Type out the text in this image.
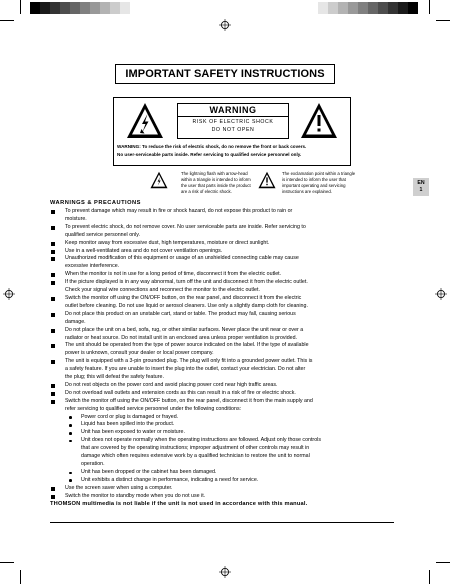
IMPORTANT SAFETY INSTRUCTIONS
WARNING
RISK OF ELECTRIC SHOCK
DO NOT OPEN
WARNING: To reduce the risk of electric shock, do no remove the front or back covers.
No user-serviceable parts inside. Refer servicing to qualified service personnel only.
The lightning flash with arrow-head
within a triangle is intended to inform
the user that parts inside the product
are a risk of electric shock.
The exclamation point within a triangle
is intended to inform the user that
important operating and servicing
instructions are explained.
EN
1
WARNINGS & PRECAUTIONS
To prevent damage which may result in fire or shock hazard, do not expose this product to rain or
moisture.
To prevent electric shock, do not remove cover. No user serviceable parts are inside. Refer servicing to
qualified service personnel only.
Keep monitor away from excessive dust, high temperatures, moisture or direct sunlight.
Use in a well-ventilated area and do not cover ventilation openings.
Unauthorized modification of this equipment or usage of an unshielded connecting cable may cause
excessive interference.
When the monitor is not in use for a long period of time, disconnect it from the electric outlet.
If the picture displayed is in any way abnormal, turn off the unit and disconnect it from the electric outlet.
Check your signal wire connections and reconnect the monitor to the electric outlet.
Switch the monitor off using the ON/OFF button, on the rear panel, and disconnect it from the electric
outlet before cleaning. Do not use liquid or aerosol cleaners. Use only a slightly damp cloth for cleaning.
Do not place this product on an unstable cart, stand or table. The product may fall, causing serious
damage.
Do not place the unit on a bed, sofa, rug, or other similar surfaces. Never place the unit near or over a
radiator or heat source. Do not install unit in an enclosed area unless proper ventilation is provided.
The unit should be operated from the type of power source indicated on the label. If the type of available
power is unknown, consult your dealer or local power company.
The unit is equipped with a 3-pin grounded plug. The plug will only fit into a grounded power outlet. This is
a safety feature. If you are unable to insert the plug into the outlet, contact your electrician. Do not alter
the plug; this will defeat the safety feature.
Do not rest objects on the power cord and avoid placing power cord near high traffic areas.
Do not overload wall outlets and extension cords as this can result in a risk of fire or electric shock.
Switch the monitor off using the ON/OFF button, on the rear panel, disconnect it from the main supply and
refer servicing to qualified service personnel under the following conditions:
Power cord or plug is damaged or frayed.
Liquid has been spilled into the product.
Unit has been exposed to water or moisture.
Unit does not operate normally when the operating instructions are followed. Adjust only those controls
that are covered by the operating instructions; improper adjustment of other controls may result in
damage which often requires extensive work by a qualified technician to restore the unit to normal
operation.
Unit has been dropped or the cabinet has been damaged.
Unit exhibits a distinct change in performance, indicating a need for service.
Use the screen saver when using a computer.
Switch the monitor to standby mode when you do not use it.
THOMSON multimedia is not liable if the unit is not used in accordance with this manual.
